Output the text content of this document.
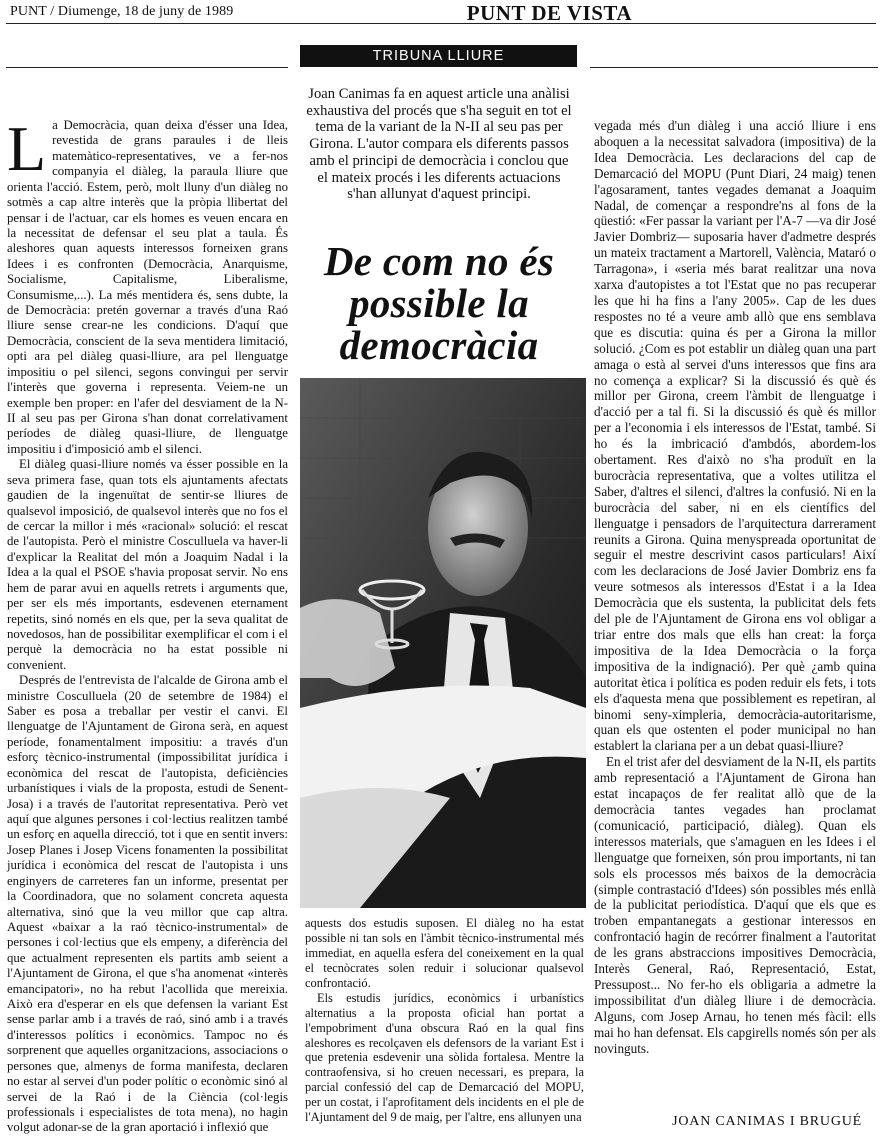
PUNT / Diumenge, 18 de juny de 1989	PUNT DE VISTA
TRIBUNA LLIURE

La Democràcia, quan deixa d'ésser una Idea, revestida de grans paraules i de lleis matemàtico-representatives, ve a fer-nos companyia el diàleg, la paraula lliure que orienta l'acció. Estem, però, molt lluny d'un diàleg no sotmès a cap altre interès que la pròpia llibertat del pensar i de l'actuar, car els homes es veuen encara en la necessitat de defensar el seu plat a taula. És aleshores quan aquests interessos forneixen grans Idees i es confronten (Democràcia, Anarquisme, Socialisme, Capitalisme, Liberalisme, Consumisme,...). La més mentidera és, sens dubte, la de Democràcia: pretén governar a través d'una Raó lliure sense crear-ne les condicions. D'aquí que Democràcia, conscient de la seva mentidera limitació, opti ara pel diàleg quasi-lliure, ara pel llenguatge impositiu o pel silenci, segons convingui per servir l'interès que governa i representa. Veiem-ne un exemple ben proper: en l'afer del desviament de la N-II al seu pas per Girona s'han donat correlativament períodes de diàleg quasi-lliure, de llenguatge impositiu i d'imposició amb el silenci.

El diàleg quasi-lliure només va ésser possible en la seva primera fase, quan tots els ajuntaments afectats gaudien de la ingenuïtat de sentir-se lliures de qualsevol imposició, de qualsevol interès que no fos el de cercar la millor i més «racional» solució: el rescat de l'autopista. Però el ministre Cosculluela va haver-li d'explicar la Realitat del món a Joaquim Nadal i la Idea a la qual el PSOE s'havia proposat servir. No ens hem de parar avui en aquells retrets i arguments que, per ser els més importants, esdevenen eternament repetits, sinó només en els que, per la seva qualitat de novedosos, han de possibilitar exemplificar el com i el perquè la democràcia no ha estat possible ni convenient.

Després de l'entrevista de l'alcalde de Girona amb el ministre Cosculluela (20 de setembre de 1984) el Saber es posa a treballar per vestir el canvi. El llenguatge de l'Ajuntament de Girona serà, en aquest període, fonamentalment impositiu: a través d'un esforç tècnico-instrumental (impossibilitat jurídica i econòmica del rescat de l'autopista, deficiències urbanístiques i vials de la proposta, estudi de Senent-Josa) i a través de l'autoritat representativa. Però vet aquí que algunes persones i col·lectius realitzen també un esforç en aquella direcció, tot i que en sentit invers: Josep Planes i Josep Vicens fonamenten la possibilitat jurídica i econòmica del rescat de l'autopista i uns enginyers de carreteres fan un informe, presentat per la Coordinadora, que no solament concreta aquesta alternativa, sinó que la veu millor que cap altra. Aquest «baixar a la raó tècnico-instrumental» de persones i col·lectius que els empeny, a diferència del que actualment representen els partits amb seient a l'Ajuntament de Girona, el que s'ha anomenat «interès emancipatori», no ha rebut l'acollida que mereixia. Això era d'esperar en els que defensen la variant Est sense parlar amb i a través de raó, sinó amb i a través d'interessos polítics i econòmics. Tampoc no és sorprenent que aquelles organitzacions, associacions o persones que, almenys de forma manifesta, declaren no estar al servei d'un poder polític o econòmic sinó al servei de la Raó i de la Ciència (col·legis professionals i especialistes de tota mena), no hagin volgut adonar-se de la gran aportació i inflexió que

Joan Canimas fa en aquest article una anàlisi exhaustiva del procés que s'ha seguit en tot el tema de la variant de la N-II al seu pas per Girona. L'autor compara els diferents passos amb el principi de democràcia i conclou que el mateix procés i les diferents actuacions s'han allunyat d'aquest principi.
De com no és possible la democràcia

aquests dos estudis suposen. El diàleg no ha estat possible ni tan sols en l'àmbit tècnico-instrumental més immediat, en aquella esfera del coneixement en la qual el tecnòcrates solen reduir i solucionar qualsevol confrontació.

Els estudis jurídics, econòmics i urbanístics alternatius a la proposta oficial han portat a l'empobriment d'una obscura Raó en la qual fins aleshores es recolçaven els defensors de la variant Est i que pretenia esdevenir una sòlida fortalesa. Mentre la contraofensiva, si ho creuen necessari, es prepara, la parcial confessió del cap de Demarcació del MOPU, per un costat, i l'aprofitament dels incidents en el ple de l'Ajuntament del 9 de maig, per l'altre, ens allunyen una

vegada més d'un diàleg i una acció lliure i ens aboquen a la necessitat salvadora (impositiva) de la Idea Democràcia. Les declaracions del cap de Demarcació del MOPU (Punt Diari, 24 maig) tenen l'agosarament, tantes vegades demanat a Joaquim Nadal, de començar a respondre'ns al fons de la qüestió: «Fer passar la variant per l'A-7 —va dir José Javier Dombriz— suposaria haver d'admetre després un mateix tractament a Martorell, València, Mataró o Tarragona», i «seria més barat realitzar una nova xarxa d'autopistes a tot l'Estat que no pas recuperar les que hi ha fins a l'any 2005». Cap de les dues respostes no té a veure amb allò que ens semblava que es discutia: quina és per a Girona la millor solució. ¿Com es pot establir un diàleg quan una part amaga o està al servei d'uns interessos que fins ara no comença a explicar? Si la discussió és què és millor per Girona, creem l'àmbit de llenguatge i d'acció per a tal fi. Si la discussió és què és millor per a l'economia i els interessos de l'Estat, també. Si ho és la imbricació d'ambdós, abordem-los obertament. Res d'això no s'ha produït en la burocràcia representativa, que a voltes utilitza el Saber, d'altres el silenci, d'altres la confusió. Ni en la burocràcia del saber, ni en els científics del llenguatge i pensadors de l'arquitectura darrerament reunits a Girona. Quina menyspreada oportunitat de seguir el mestre descrivint casos particulars! Així com les declaracions de José Javier Dombriz ens fa veure sotmesos als interessos d'Estat i a la Idea Democràcia que els sustenta, la publicitat dels fets del ple de l'Ajuntament de Girona ens vol obligar a triar entre dos mals que ells han creat: la força impositiva de la Idea Democràcia o la força impositiva de la indignació). Per què ¿amb quina autoritat ètica i política es poden reduir els fets, i tots els d'aquesta mena que possiblement es repetiran, al binomi seny-ximpleria, democràcia-autoritarisme, quan els que ostenten el poder municipal no han establert la clariana per a un debat quasi-lliure?

En el trist afer del desviament de la N-II, els partits amb representació a l'Ajuntament de Girona han estat incapaços de fer realitat allò que de la democràcia tantes vegades han proclamat (comunicació, participació, diàleg). Quan els interessos materials, que s'amaguen en les Idees i el llenguatge que forneixen, són prou importants, ni tan sols els processos més baixos de la democràcia (simple contrastació d'Idees) són possibles més enllà de la publicitat periodística. D'aquí que els que es troben empantanegats a gestionar interessos en confrontació hagin de recórrer finalment a l'autoritat de les grans abstraccions impositives Democràcia, Interès General, Raó, Representació, Estat, Pressupost... No fer-ho els obligaria a admetre la impossibilitat d'un diàleg lliure i de democràcia. Alguns, com Josep Arnau, ho tenen més fàcil: ells mai ho han defensat. Els capgirells només són per als novinguts.

JOAN CANIMAS I BRUGUÉ
